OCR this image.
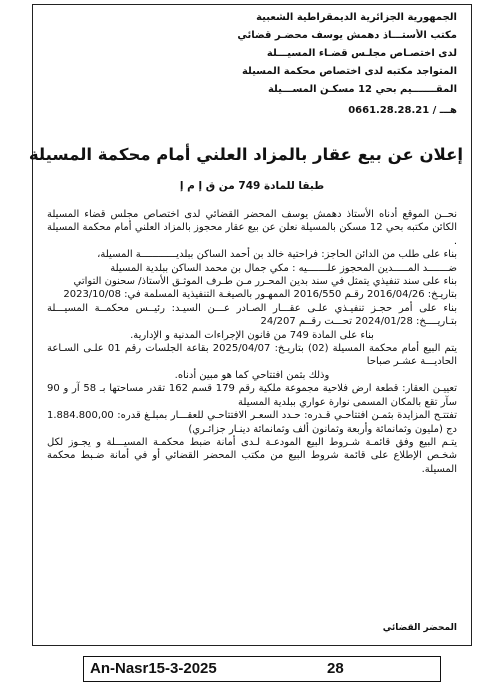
الجمهورية الجزائرية الديمقراطية الشعبية
مكتب الأستـــاذ دهمش يوسف محضـر قضائي
لدى اختصـاص مجلـس قضـاء المسيـــلة
المتواجد مكتبه لدى اختصاص محكمة المسيلة
المقـــــــيم بحي 12 مسكـن المســـيلة
هـــ / 0661.28.28.21
إعلان عن بيع عقار بالمزاد العلني أمام محكمة المسيلة
طبقا للمادة 749 من ق إ م إ

نحــن الموقع أدناه الأستاذ دهمش يوسف المحضر القضائي لدى اختصاص مجلس قضاء المسيلة الكائن مكتبه بحي 12 مسكن بالمسيلة نعلن عن بيع عقار محجوز بالمزاد العلني أمام محكمة المسيلة .

بناء على طلب من الدائن الحاجز: فراحتية خالد بن أحمد الساكن ببلديــــــــــــة المسيلة،

ضـــــــد المـــــدين المحجوز علـــــــيه : مكي جمال بن محمد الساكن ببلدية المسيلة

بناء على سند تنفيذي يتمثل في سند بدين المحـرر مـن طـرف الموثـق الأستاذ/ سحنون التواتي

بتاريـخ: 2016/04/26 رقـم 2016/550 الممهـور بالصيغـة التنفيذية المسلمة في: 2023/10/08

بناء على أمر حجـز تنفيـذي علـى عقـــار الصـادر عـــن السيـد: رئيــس محكمــة المسيـــلة بتـاريــــخ: 2024/01/28 تحـــت رقــم 24/207

بناء على المادة 749 من قانون الإجراءات المدنية و الإدارية.

يتم البيع أمام محكمة المسيلة (02) بتاريـخ: 2025/04/07 بقاعة الجلسات رقم 01 علـى السـاعة الحاديـــة عشـر صباحا

وذلك بثمن افتتاحي كما هو مبين أدناه.

تعييـن العقار: قطعة ارض فلاحية مجموعة ملكية رقم 179 قسم 162 تقدر مساحتها بـ 58 آر و 90 سآر تقع بالمكان المسمى نوارة عواري ببلدية المسيلة

تفتتـح المزايدة بثمـن افتتاحـي قـدره: حـدد السعـر الافتتاحـي للعقـــار بمبلـغ قدره: 1.884.800,00 دج (مليون وثمانمائة وأربعة وثمانون ألف وثمانمائة دينـار جزائـري)

يتـم البيع وفق قائمـة شـروط البيع المودعـة لـدى أمانة ضبط محكمـة المسيـــلة و يجـوز لكل شخـص الإطلاع على قائمة شروط البيع من مكتب المحضر القضائي أو في أمانة ضـبط محكمة المسيلة.

المحضر القضائي
An-Nasr15-3-2025	28
